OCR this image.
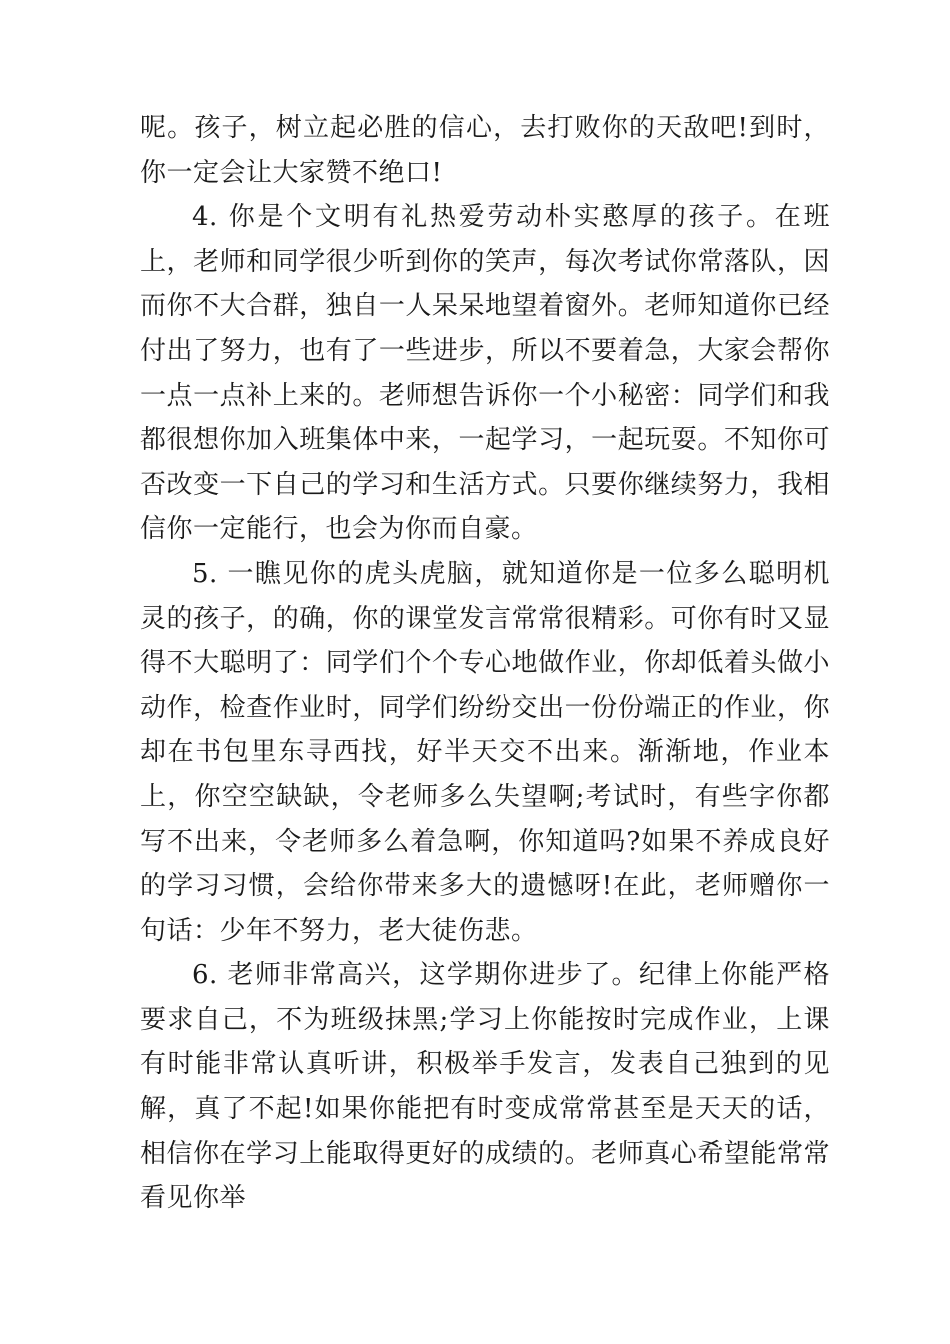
呢。孩子，树立起必胜的信心，去打败你的天敌吧!到时，你一定会让大家赞不绝口!

4. 你是个文明有礼热爱劳动朴实憨厚的孩子。在班上，老师和同学很少听到你的笑声，每次考试你常落队，因而你不大合群，独自一人呆呆地望着窗外。老师知道你已经付出了努力，也有了一些进步，所以不要着急，大家会帮你一点一点补上来的。老师想告诉你一个小秘密：同学们和我都很想你加入班集体中来，一起学习，一起玩耍。不知你可否改变一下自己的学习和生活方式。只要你继续努力，我相信你一定能行，也会为你而自豪。

5. 一瞧见你的虎头虎脑，就知道你是一位多么聪明机灵的孩子，的确，你的课堂发言常常很精彩。可你有时又显得不大聪明了：同学们个个专心地做作业，你却低着头做小动作，检查作业时，同学们纷纷交出一份份端正的作业，你却在书包里东寻西找，好半天交不出来。渐渐地，作业本上，你空空缺缺，令老师多么失望啊;考试时，有些字你都写不出来，令老师多么着急啊，你知道吗?如果不养成良好的学习习惯，会给你带来多大的遗憾呀!在此，老师赠你一句话：少年不努力，老大徒伤悲。

6. 老师非常高兴，这学期你进步了。纪律上你能严格要求自己，不为班级抹黑;学习上你能按时完成作业，上课有时能非常认真听讲，积极举手发言，发表自己独到的见解，真了不起!如果你能把有时变成常常甚至是天天的话，相信你在学习上能取得更好的成绩的。老师真心希望能常常看见你举
